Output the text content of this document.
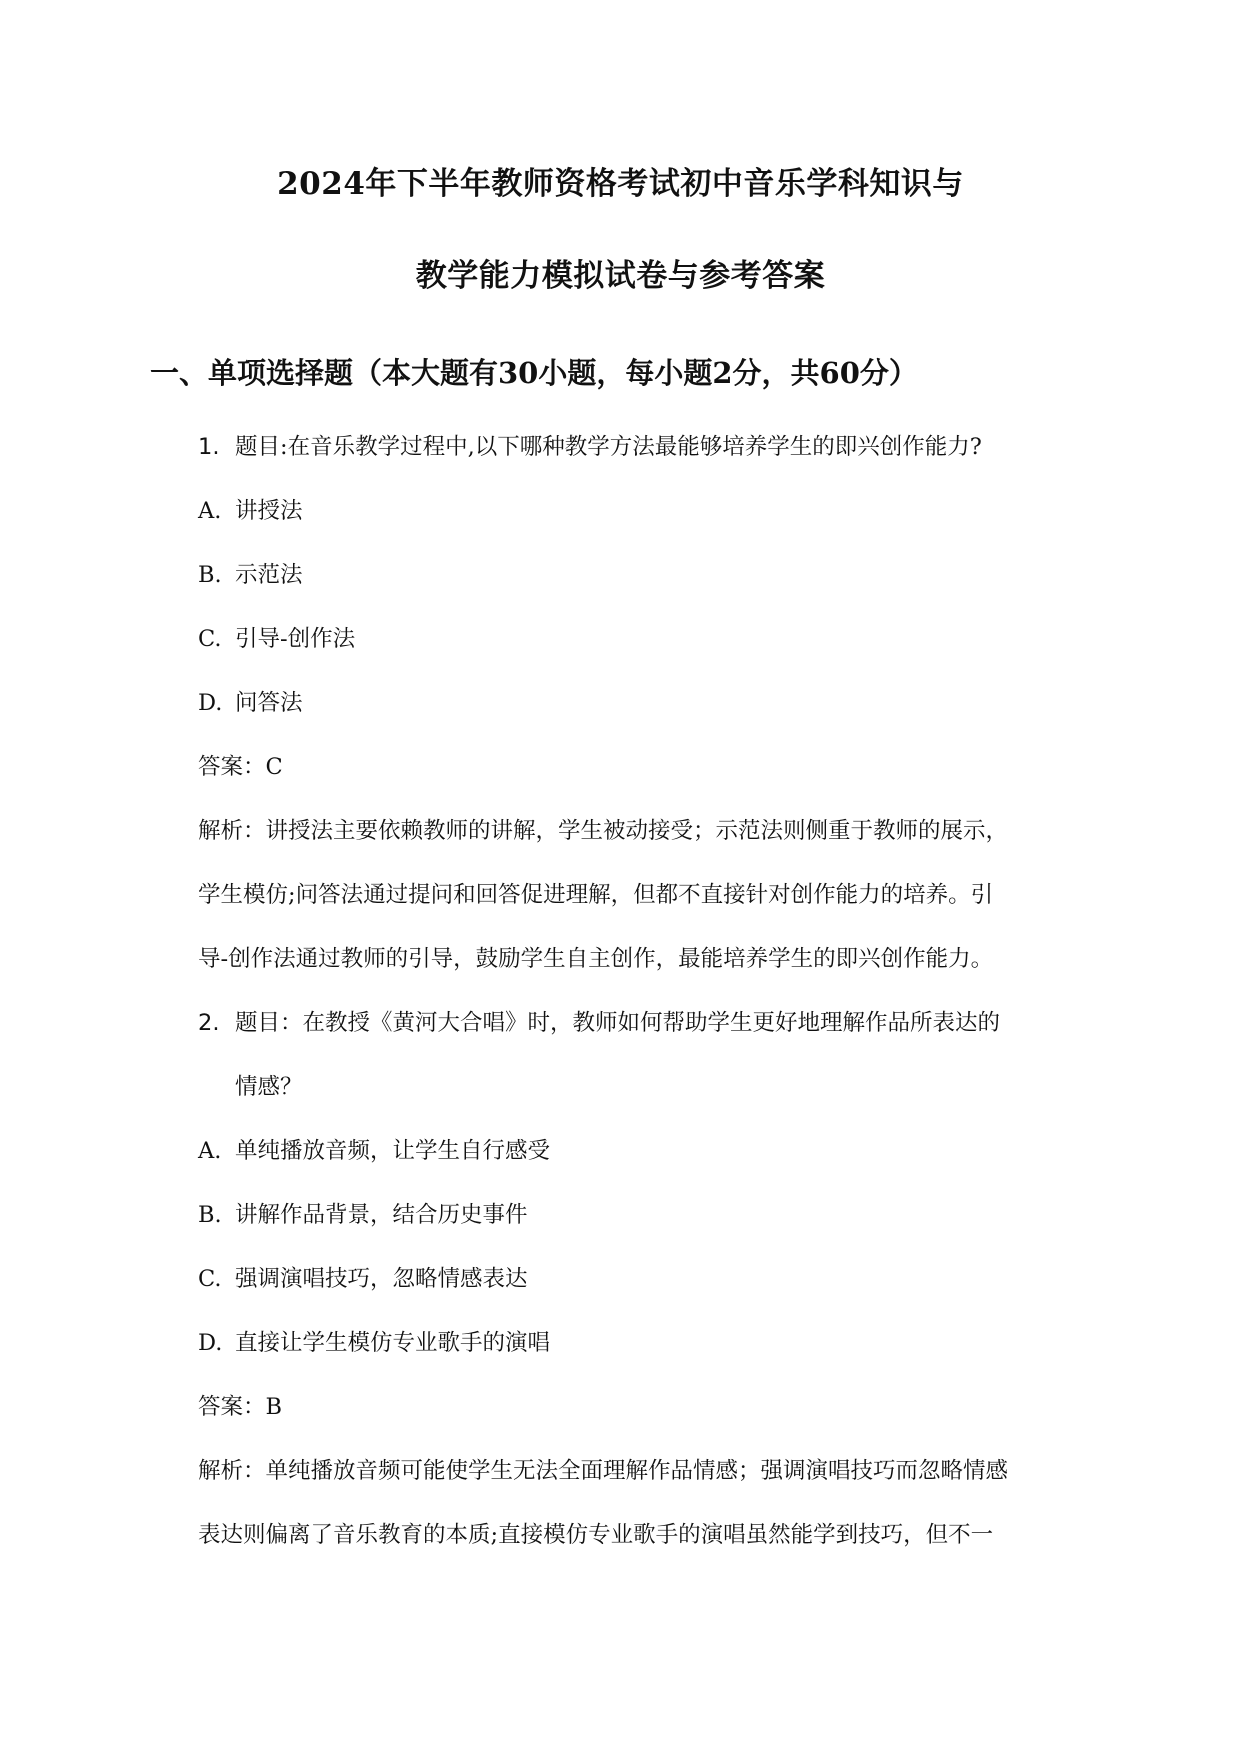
2024年下半年教师资格考试初中音乐学科知识与
教学能力模拟试卷与参考答案
一、单项选择题（本大题有30小题，每小题2分，共60分）
1. 题目:在音乐教学过程中,以下哪种教学方法最能够培养学生的即兴创作能力?
A. 讲授法
B. 示范法
C. 引导-创作法
D. 问答法
答案：C
解析：讲授法主要依赖教师的讲解，学生被动接受；示范法则侧重于教师的展示，
学生模仿;问答法通过提问和回答促进理解，但都不直接针对创作能力的培养。引
导-创作法通过教师的引导，鼓励学生自主创作，最能培养学生的即兴创作能力。
2. 题目：在教授《黄河大合唱》时，教师如何帮助学生更好地理解作品所表达的
情感？
A. 单纯播放音频，让学生自行感受
B. 讲解作品背景，结合历史事件
C. 强调演唱技巧，忽略情感表达
D. 直接让学生模仿专业歌手的演唱
答案：B
解析：单纯播放音频可能使学生无法全面理解作品情感；强调演唱技巧而忽略情感
表达则偏离了音乐教育的本质;直接模仿专业歌手的演唱虽然能学到技巧，但不一
